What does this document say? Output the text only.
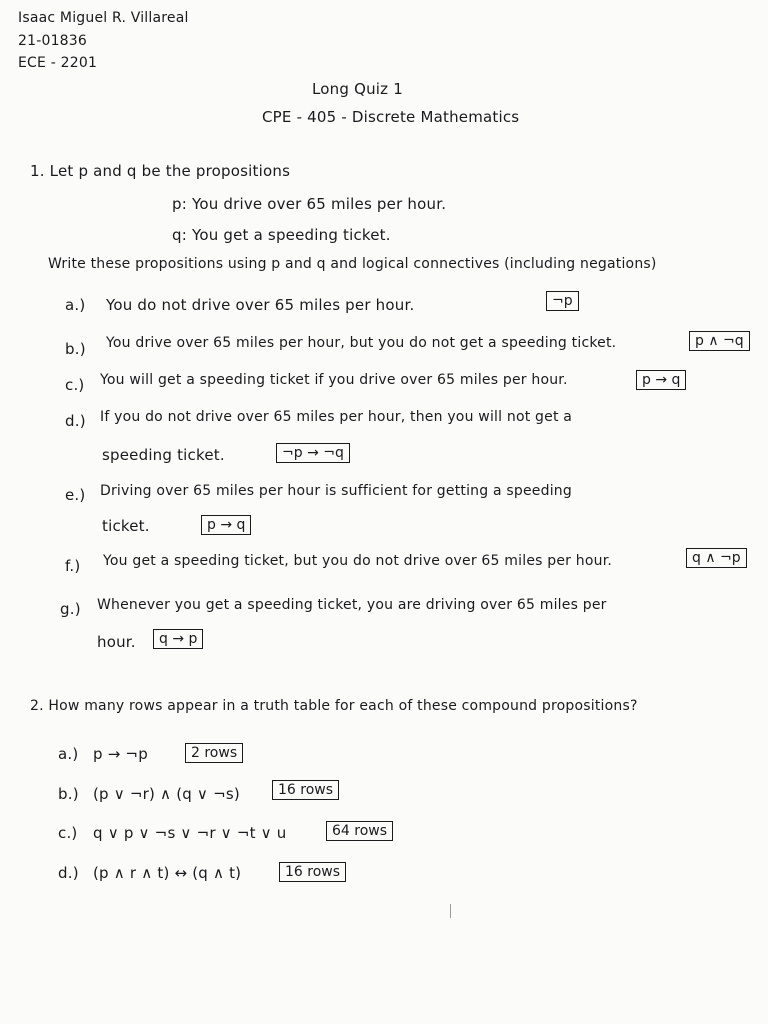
Isaac Miguel R. Villareal
21-01836
ECE - 2201
Long Quiz 1
CPE - 405 - Discrete Mathematics
1. Let p and q be the propositions
p: You drive over 65 miles per hour.
q: You get a speeding ticket.
Write these propositions using p and q and logical connectives (including negations)
a.) You do not drive over 65 miles per hour.	¬p
b.) You drive over 65 miles per hour, but you do not get a speeding ticket.	p ∧ ¬q
c.) You will get a speeding ticket if you drive over 65 miles per hour.	p → q
d.) If you do not drive over 65 miles per hour, then you will not get a
speeding ticket.	¬p → ¬q
e.) Driving over 65 miles per hour is sufficient for getting a speeding
ticket.	p → q
f.) You get a speeding ticket, but you do not drive over 65 miles per hour.	q ∧ ¬p
g.) Whenever you get a speeding ticket, you are driving over 65 miles per
hour.	q → p
2. How many rows appear in a truth table for each of these compound propositions?
a.) p → ¬p	2 rows
b.) (p ∨ ¬r) ∧ (q ∨ ¬s)	16 rows
c.) q ∨ p ∨ ¬s ∨ ¬r ∨ ¬t ∨ u	64 rows
d.) (p ∧ r ∧ t) ↔ (q ∧ t)	16 rows
